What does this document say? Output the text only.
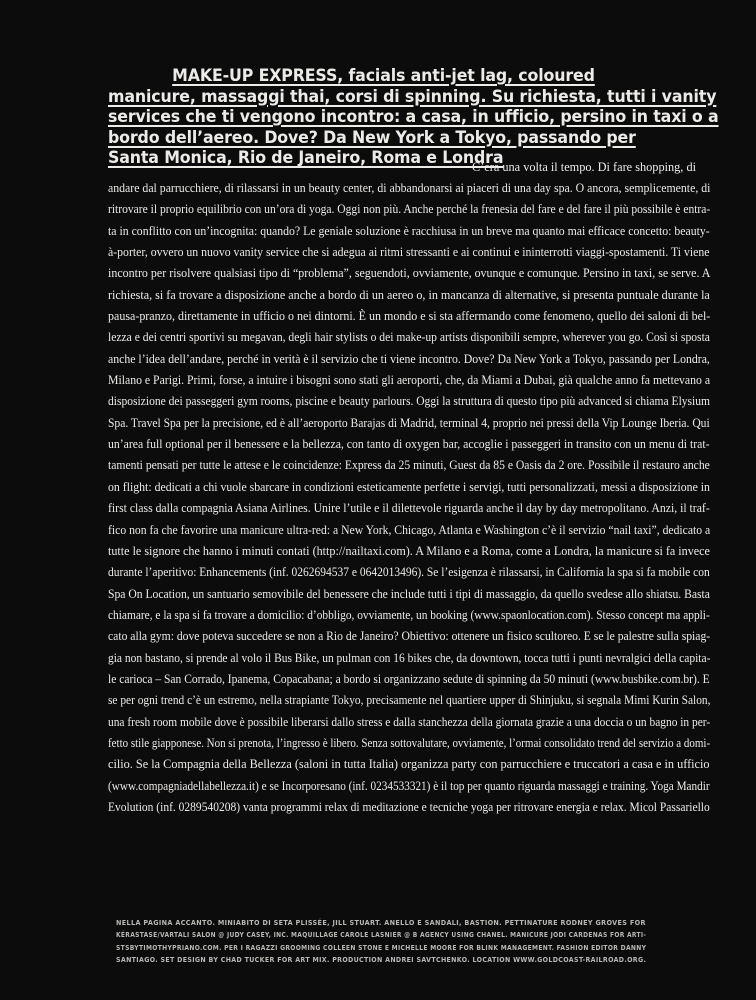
MAKE-UP EXPRESS, facials anti-jet lag, coloured
manicure, massaggi thai, corsi di spinning. Su richiesta, tutti i vanity
services che ti vengono incontro: a casa, in ufficio, persino in taxi o a
bordo dell’aereo. Dove? Da New York a Tokyo, passando per
Santa Monica, Rio de Janeiro, Roma e Londra
C’era una volta il tempo. Di fare shopping, di
andare dal parrucchiere, di rilassarsi in un beauty center, di abbandonarsi ai piaceri di una day spa. O ancora, semplicemente, di
ritrovare il proprio equilibrio con un’ora di yoga. Oggi non più. Anche perché la frenesia del fare e del fare il più possibile è entra-
ta in conflitto con un’incognita: quando? Le geniale soluzione è racchiusa in un breve ma quanto mai efficace concetto: beauty-
à-porter, ovvero un nuovo vanity service che si adegua ai ritmi stressanti e ai continui e ininterrotti viaggi-spostamenti. Ti viene
incontro per risolvere qualsiasi tipo di “problema”, seguendoti, ovviamente, ovunque e comunque. Persino in taxi, se serve. A
richiesta, si fa trovare a disposizione anche a bordo di un aereo o, in mancanza di alternative, si presenta puntuale durante la
pausa-pranzo, direttamente in ufficio o nei dintorni. È un mondo e si sta affermando come fenomeno, quello dei saloni di bel-
lezza e dei centri sportivi su megavan, degli hair stylists o dei make-up artists disponibili sempre, wherever you go. Così si sposta
anche l’idea dell’andare, perché in verità è il servizio che ti viene incontro. Dove? Da New York a Tokyo, passando per Londra,
Milano e Parigi. Primi, forse, a intuire i bisogni sono stati gli aeroporti, che, da Miami a Dubai, già qualche anno fa mettevano a
disposizione dei passeggeri gym rooms, piscine e beauty parlours. Oggi la struttura di questo tipo più advanced si chiama Elysium
Spa. Travel Spa per la precisione, ed è all’aeroporto Barajas di Madrid, terminal 4, proprio nei pressi della Vip Lounge Iberia. Qui
un’area full optional per il benessere e la bellezza, con tanto di oxygen bar, accoglie i passeggeri in transito con un menu di trat-
tamenti pensati per tutte le attese e le coincidenze: Express da 25 minuti, Guest da 85 e Oasis da 2 ore. Possibile il restauro anche
on flight: dedicati a chi vuole sbarcare in condizioni esteticamente perfette i servigi, tutti personalizzati, messi a disposizione in
first class dalla compagnia Asiana Airlines. Unire l’utile e il dilettevole riguarda anche il day by day metropolitano. Anzi, il traf-
fico non fa che favorire una manicure ultra-red: a New York, Chicago, Atlanta e Washington c’è il servizio “nail taxi”, dedicato a
tutte le signore che hanno i minuti contati (http://nailtaxi.com). A Milano e a Roma, come a Londra, la manicure si fa invece
durante l’aperitivo: Enhancements (inf. 0262694537 e 0642013496). Se l’esigenza è rilassarsi, in California la spa si fa mobile con
Spa On Location, un santuario semovibile del benessere che include tutti i tipi di massaggio, da quello svedese allo shiatsu. Basta
chiamare, e la spa si fa trovare a domicilio: d’obbligo, ovviamente, un booking (www.spaonlocation.com). Stesso concept ma appli-
cato alla gym: dove poteva succedere se non a Rio de Janeiro? Obiettivo: ottenere un fisico scultoreo. E se le palestre sulla spiag-
gia non bastano, si prende al volo il Bus Bike, un pulman con 16 bikes che, da downtown, tocca tutti i punti nevralgici della capita-
le carioca – San Corrado, Ipanema, Copacabana; a bordo si organizzano sedute di spinning da 50 minuti (www.busbike.com.br). E
se per ogni trend c’è un estremo, nella strapiante Tokyo, precisamente nel quartiere upper di Shinjuku, si segnala Mimi Kurin Salon,
una fresh room mobile dove è possibile liberarsi dallo stress e dalla stanchezza della giornata grazie a una doccia o un bagno in per-
fetto stile giapponese. Non si prenota, l’ingresso è libero. Senza sottovalutare, ovviamente, l’ormai consolidato trend del servizio a domi-
cilio. Se la Compagnia della Bellezza (saloni in tutta Italia) organizza party con parrucchiere e truccatori a casa e in ufficio
(www.compagniadellabellezza.it) e se Incorporesano (inf. 0234533321) è il top per quanto riguarda massaggi e training. Yoga Mandir
Evolution (inf. 0289540208) vanta programmi relax di meditazione e tecniche yoga per ritrovare energia e relax. Micol Passariello
NELLA PAGINA ACCANTO. MINIABITO DI SETA PLISSÉE, JILL STUART. ANELLO E SANDALI, BASTION. PETTINATURE RODNEY GROVES FOR
KÉRASTASE/VARTALI SALON @ JUDY CASEY, INC. MAQUILLAGE CAROLE LASNIER @ B AGENCY USING CHANEL. MANICURE JODI CARDENAS FOR ARTI-
STSBYTIMOTHYPRIANO.COM. PER I RAGAZZI GROOMING COLLEEN STONE E MICHELLE MOORE FOR BLINK MANAGEMENT. FASHION EDITOR DANNY
SANTIAGO. SET DESIGN BY CHAD TUCKER FOR ART MIX. PRODUCTION ANDREI SAVTCHENKO. LOCATION WWW.GOLDCOAST-RAILROAD.ORG.
